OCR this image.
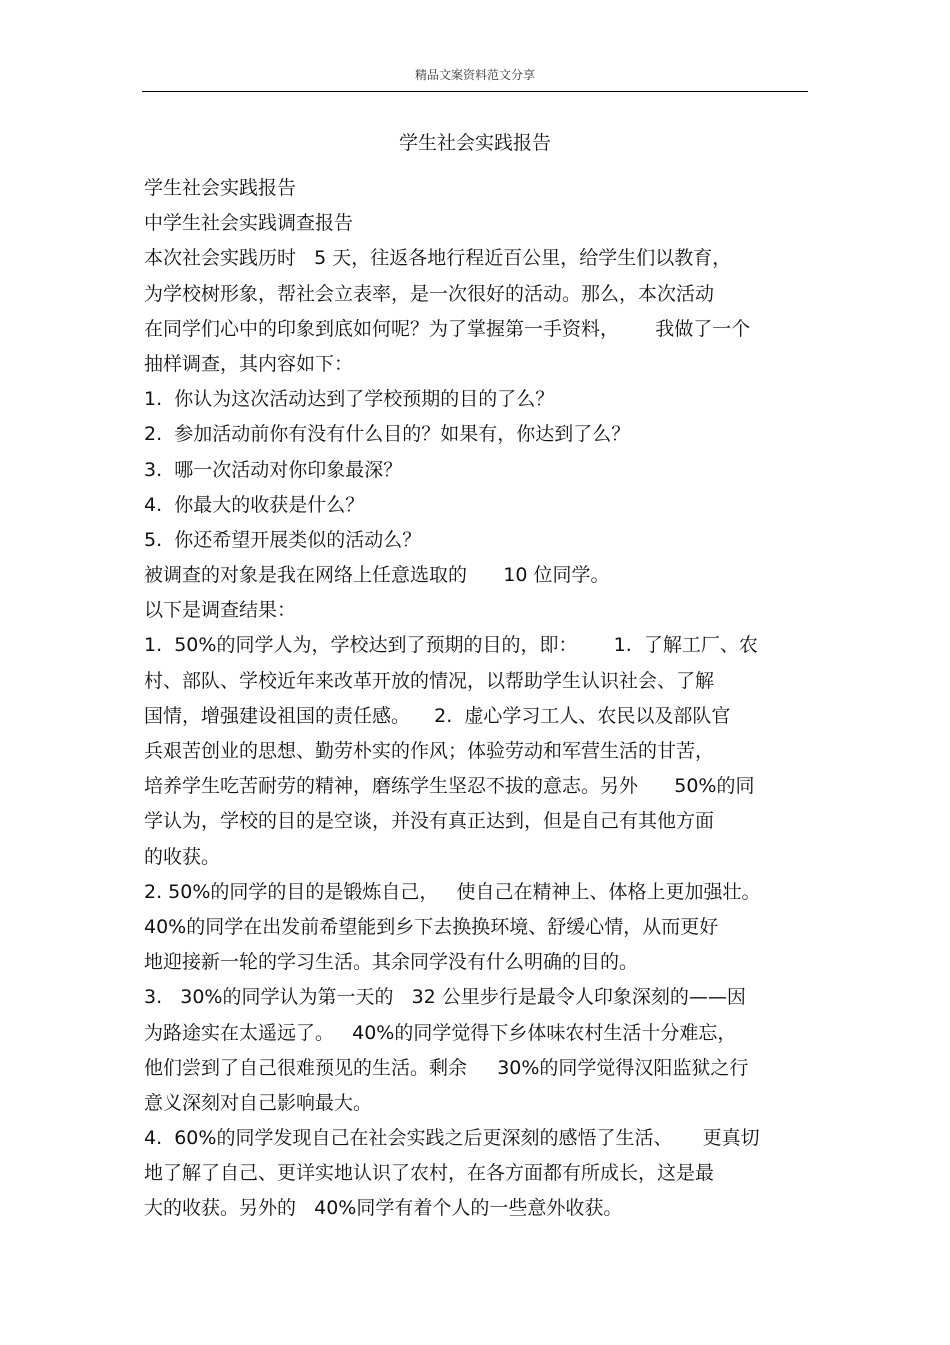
精品文案资料范文分享
学生社会实践报告
学生社会实践报告
中学生社会实践调查报告
本次社会实践历时   5 天，往返各地行程近百公里，给学生们以教育，
为学校树形象，帮社会立表率，是一次很好的活动。那么，本次活动
在同学们心中的印象到底如何呢？为了掌握第一手资料，      我做了一个
抽样调查，其内容如下：
1.  你认为这次活动达到了学校预期的目的了么？
2.  参加活动前你有没有什么目的？如果有，你达到了么？
3.  哪一次活动对你印象最深？
4.  你最大的收获是什么？
5.  你还希望开展类似的活动么？
被调查的对象是我在网络上任意选取的      10 位同学。
以下是调查结果：
1.  50%的同学人为，学校达到了预期的目的，即：      1.  了解工厂、农
村、部队、学校近年来改革开放的情况，以帮助学生认识社会、了解
国情，增强建设祖国的责任感。    2.  虚心学习工人、农民以及部队官
兵艰苦创业的思想、勤劳朴实的作风；体验劳动和军营生活的甘苦，
培养学生吃苦耐劳的精神，磨练学生坚忍不拔的意志。另外      50%的同
学认为，学校的目的是空谈，并没有真正达到，但是自己有其他方面
的收获。
2. 50%的同学的目的是锻炼自己，   使自己在精神上、体格上更加强壮。
40%的同学在出发前希望能到乡下去换换环境、舒缓心情，从而更好
地迎接新一轮的学习生活。其余同学没有什么明确的目的。
3.   30%的同学认为第一天的   32 公里步行是最令人印象深刻的——因
为路途实在太遥远了。   40%的同学觉得下乡体味农村生活十分难忘，
他们尝到了自己很难预见的生活。剩余     30%的同学觉得汉阳监狱之行
意义深刻对自己影响最大。
4.  60%的同学发现自己在社会实践之后更深刻的感悟了生活、     更真切
地了解了自己、更详实地认识了农村，在各方面都有所成长，这是最
大的收获。另外的   40%同学有着个人的一些意外收获。
